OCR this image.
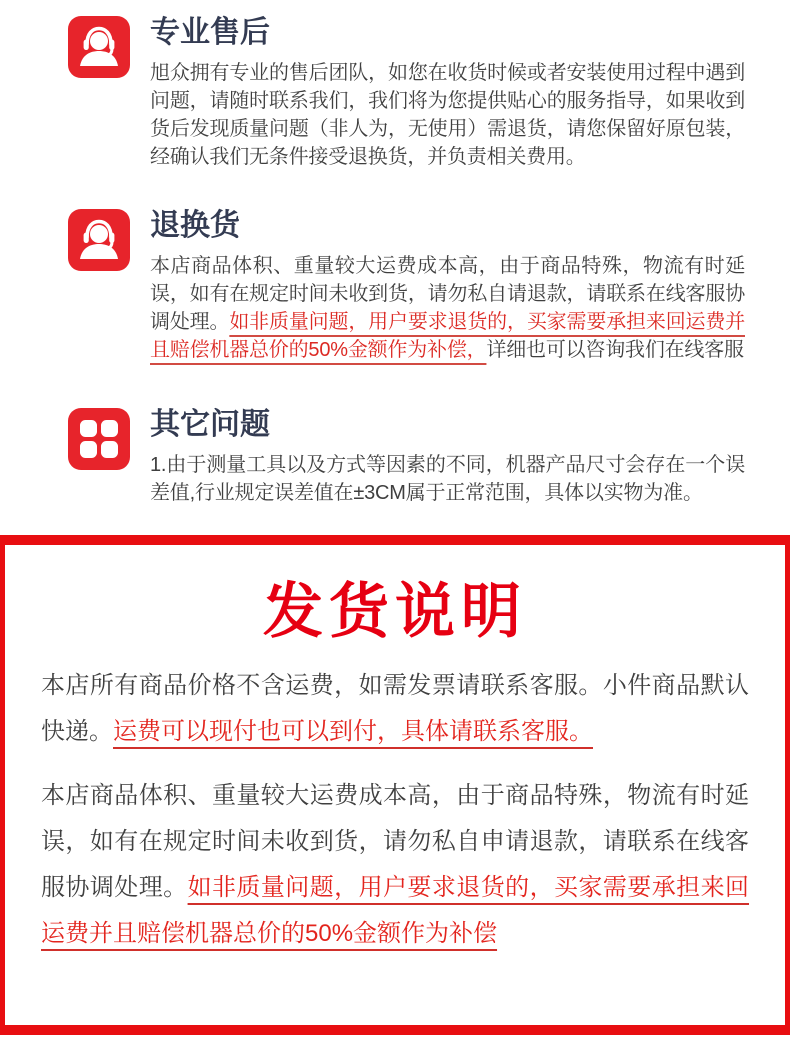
专业售后

旭众拥有专业的售后团队，如您在收货时候或者安装使用过程中遇到问题，请随时联系我们，我们将为您提供贴心的服务指导，如果收到货后发现质量问题（非人为，无使用）需退货，请您保留好原包装，经确认我们无条件接受退换货，并负责相关费用。

退换货

本店商品体积、重量较大运费成本高，由于商品特殊，物流有时延误，如有在规定时间未收到货，请勿私自请退款，请联系在线客服协调处理。如非质量问题，用户要求退货的，买家需要承担来回运费并且赔偿机器总价的50%金额作为补偿，详细也可以咨询我们在线客服

其它问题

1.由于测量工具以及方式等因素的不同，机器产品尺寸会存在一个误差值,行业规定误差值在±3CM属于正常范围，具体以实物为准。

发货说明

本店所有商品价格不含运费，如需发票请联系客服。小件商品默认快递。运费可以现付也可以到付，具体请联系客服。

本店商品体积、重量较大运费成本高，由于商品特殊，物流有时延误，如有在规定时间未收到货，请勿私自申请退款，请联系在线客服协调处理。如非质量问题，用户要求退货的，买家需要承担来回运费并且赔偿机器总价的50%金额作为补偿
